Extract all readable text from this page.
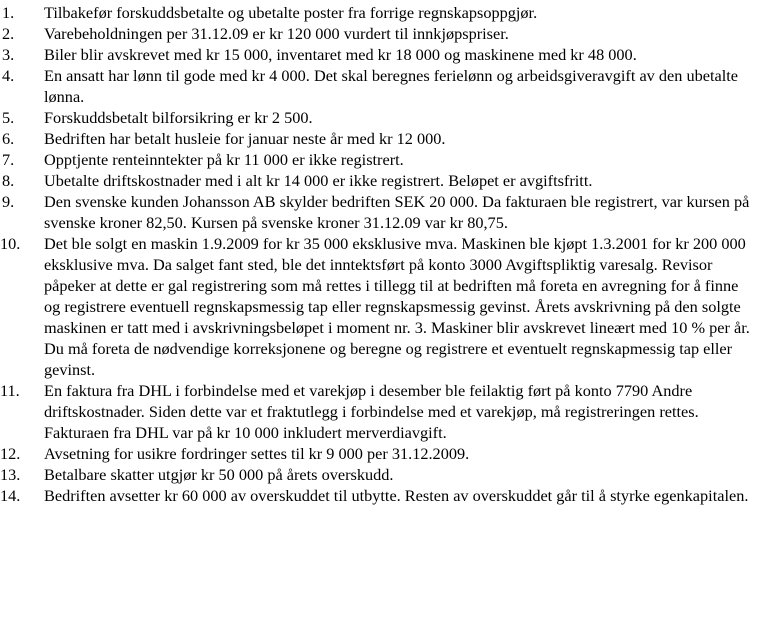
1.	Tilbakefør forskuddsbetalte og ubetalte poster fra forrige regnskapsoppgjør.
2.	Varebeholdningen per 31.12.09 er kr 120 000 vurdert til innkjøpspriser.
3.	Biler blir avskrevet med kr 15 000, inventaret med kr 18 000 og maskinene med kr 48 000.
4.	En ansatt har lønn til gode med kr 4 000. Det skal beregnes ferielønn og arbeidsgiveravgift av den ubetalte lønna.
5.	Forskuddsbetalt bilforsikring er kr 2 500.
6.	Bedriften har betalt husleie for januar neste år med kr 12 000.
7.	Opptjente renteinntekter på kr 11 000 er ikke registrert.
8.	Ubetalte driftskostnader med i alt kr 14 000 er ikke registrert. Beløpet er avgiftsfritt.
9.	Den svenske kunden Johansson AB skylder bedriften SEK 20 000. Da fakturaen ble registrert, var kursen på svenske kroner 82,50. Kursen på svenske kroner 31.12.09 var kr 80,75.
10.	Det ble solgt en maskin 1.9.2009 for kr 35 000 eksklusive mva. Maskinen ble kjøpt 1.3.2001 for kr 200 000 eksklusive mva. Da salget fant sted, ble det inntektsført på konto 3000 Avgiftspliktig varesalg. Revisor påpeker at dette er gal registrering som må rettes i tillegg til at bedriften må foreta en avregning for å finne og registrere eventuell regnskapsmessig tap eller regnskapsmessig gevinst. Årets avskrivning på den solgte maskinen er tatt med i avskrivningsbeløpet i moment nr. 3. Maskiner blir avskrevet lineært med 10 % per år. Du må foreta de nødvendige korreksjonene og beregne og registrere et eventuelt regnskapmessig tap eller gevinst.
11.	En faktura fra DHL i forbindelse med et varekjøp i desember ble feilaktig ført på konto 7790 Andre driftskostnader. Siden dette var et fraktutlegg i forbindelse med et varekjøp, må registreringen rettes. Fakturaen fra DHL var på kr 10 000 inkludert merverdiavgift.
12.	Avsetning for usikre fordringer settes til kr 9 000 per 31.12.2009.
13.	Betalbare skatter utgjør kr 50 000 på årets overskudd.
14.	Bedriften avsetter kr 60 000 av overskuddet til utbytte. Resten av overskuddet går til å styrke egenkapitalen.
